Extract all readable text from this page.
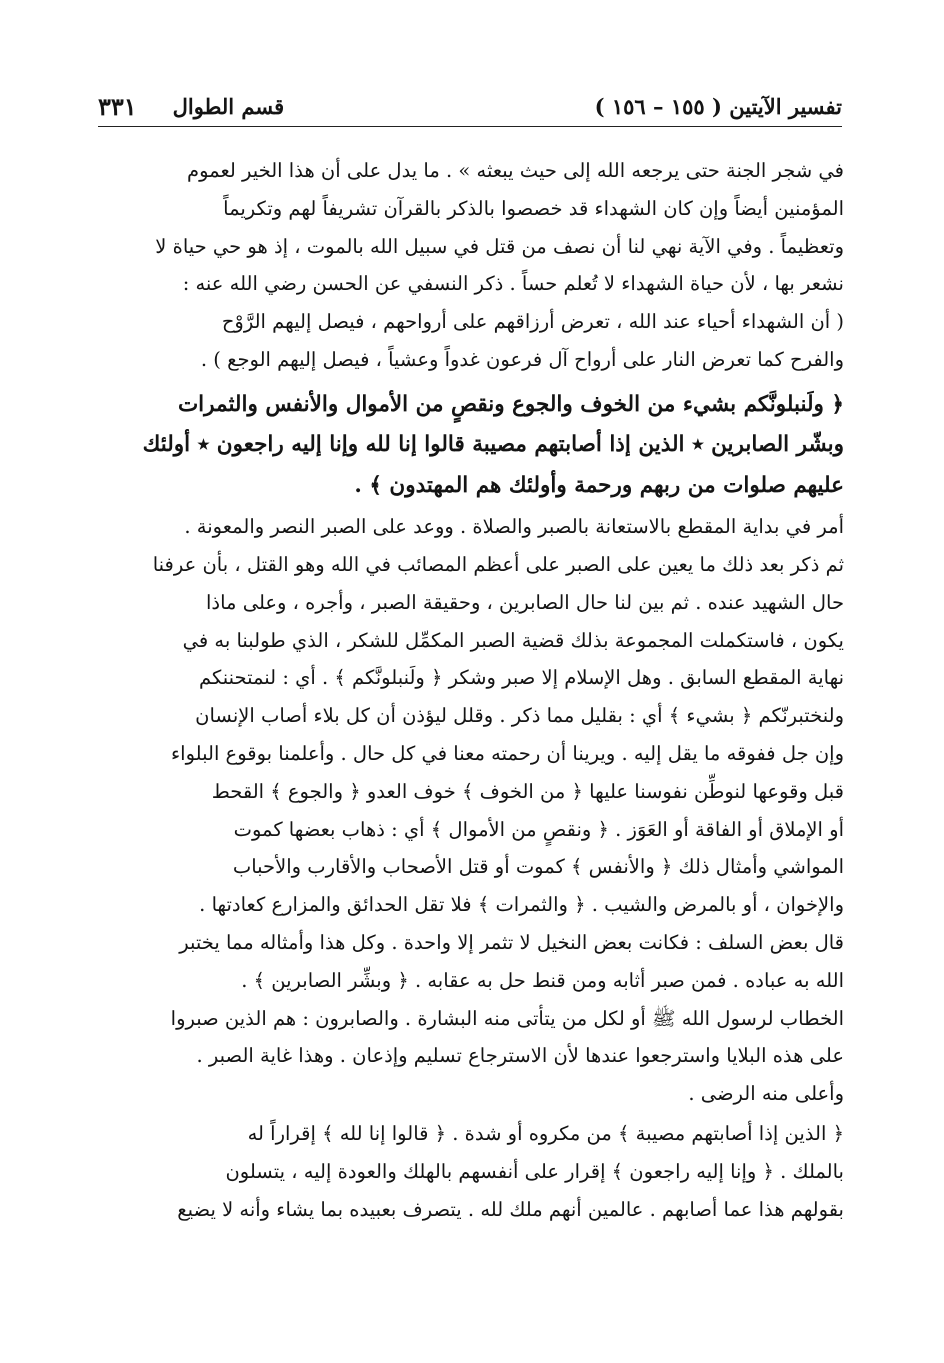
تفسير الآيتين ( ١٥٥ – ١٥٦ )
قسم الطوال
٣٣١
في شجر الجنة حتى يرجعه الله إلى حيث يبعثه » . ما يدل على أن هذا الخير لعموم
المؤمنين أيضاً وإن كان الشهداء قد خصصوا بالذكر بالقرآن تشريفاً لهم وتكريماً
وتعظيماً . وفي الآية نهي لنا أن نصف من قتل في سبيل الله بالموت ، إذ هو حي حياة لا
نشعر بها ، لأن حياة الشهداء لا تُعلم حساً . ذكر النسفي عن الحسن رضي الله عنه :
( أن الشهداء أحياء عند الله ، تعرض أرزاقهم على أرواحهم ، فيصل إليهم الرَّوْح
والفرح كما تعرض النار على أرواح آل فرعون غدواً وعشياً ، فيصل إليهم الوجع ) .
﴿ ولَنبلونَّكم بشيء من الخوف والجوع ونقصٍ من الأموال والأنفس والثمرات
وبشّر الصابرين ٭ الذين إذا أصابتهم مصيبة قالوا إنا لله وإنا إليه راجعون ٭ أولئك
عليهم صلوات من ربهم ورحمة وأولئك هم المهتدون ﴾ .
أمر في بداية المقطع بالاستعانة بالصبر والصلاة . ووعد على الصبر النصر والمعونة .
ثم ذكر بعد ذلك ما يعين على الصبر على أعظم المصائب في الله وهو القتل ، بأن عرفنا
حال الشهيد عنده . ثم بين لنا حال الصابرين ، وحقيقة الصبر ، وأجره ، وعلى ماذا
يكون ، فاستكملت المجموعة بذلك قضية الصبر المكمِّل للشكر ، الذي طولبنا به في
نهاية المقطع السابق . وهل الإسلام إلا صبر وشكر ﴿ ولَنبلونَّكم ﴾ . أي : لنمتحننكم
ولنختبرنّكم ﴿ بشيء ﴾ أي : بقليل مما ذكر . وقلل ليؤذن أن كل بلاء أصاب الإنسان
وإن جل ففوقه ما يقل إليه . ويرينا أن رحمته معنا في كل حال . وأعلمنا بوقوع البلواء
قبل وقوعها لنوطِّن نفوسنا عليها ﴿ من الخوف ﴾ خوف العدو ﴿ والجوع ﴾ القحط
أو الإملاق أو الفاقة أو العَوَز . ﴿ ونقصٍ من الأموال ﴾ أي : ذهاب بعضها كموت
المواشي وأمثال ذلك ﴿ والأنفس ﴾ كموت أو قتل الأصحاب والأقارب والأحباب
والإخوان ، أو بالمرض والشيب . ﴿ والثمرات ﴾ فلا تقل الحدائق والمزارع كعادتها .
قال بعض السلف : فكانت بعض النخيل لا تثمر إلا واحدة . وكل هذا وأمثاله مما يختبر
الله به عباده . فمن صبر أثابه ومن قنط حل به عقابه . ﴿ وبشِّر الصابرين ﴾ .
الخطاب لرسول الله ﷺ أو لكل من يتأتى منه البشارة . والصابرون : هم الذين صبروا
على هذه البلايا واسترجعوا عندها لأن الاسترجاع تسليم وإذعان . وهذا غاية الصبر .
وأعلى منه الرضى .
﴿ الذين إذا أصابتهم مصيبة ﴾ من مكروه أو شدة . ﴿ قالوا إنا لله ﴾ إقراراً له
بالملك . ﴿ وإنا إليه راجعون ﴾ إقرار على أنفسهم بالهلك والعودة إليه ، يتسلون
بقولهم هذا عما أصابهم . عالمين أنهم ملك لله . يتصرف بعبيده بما يشاء وأنه لا يضيع
